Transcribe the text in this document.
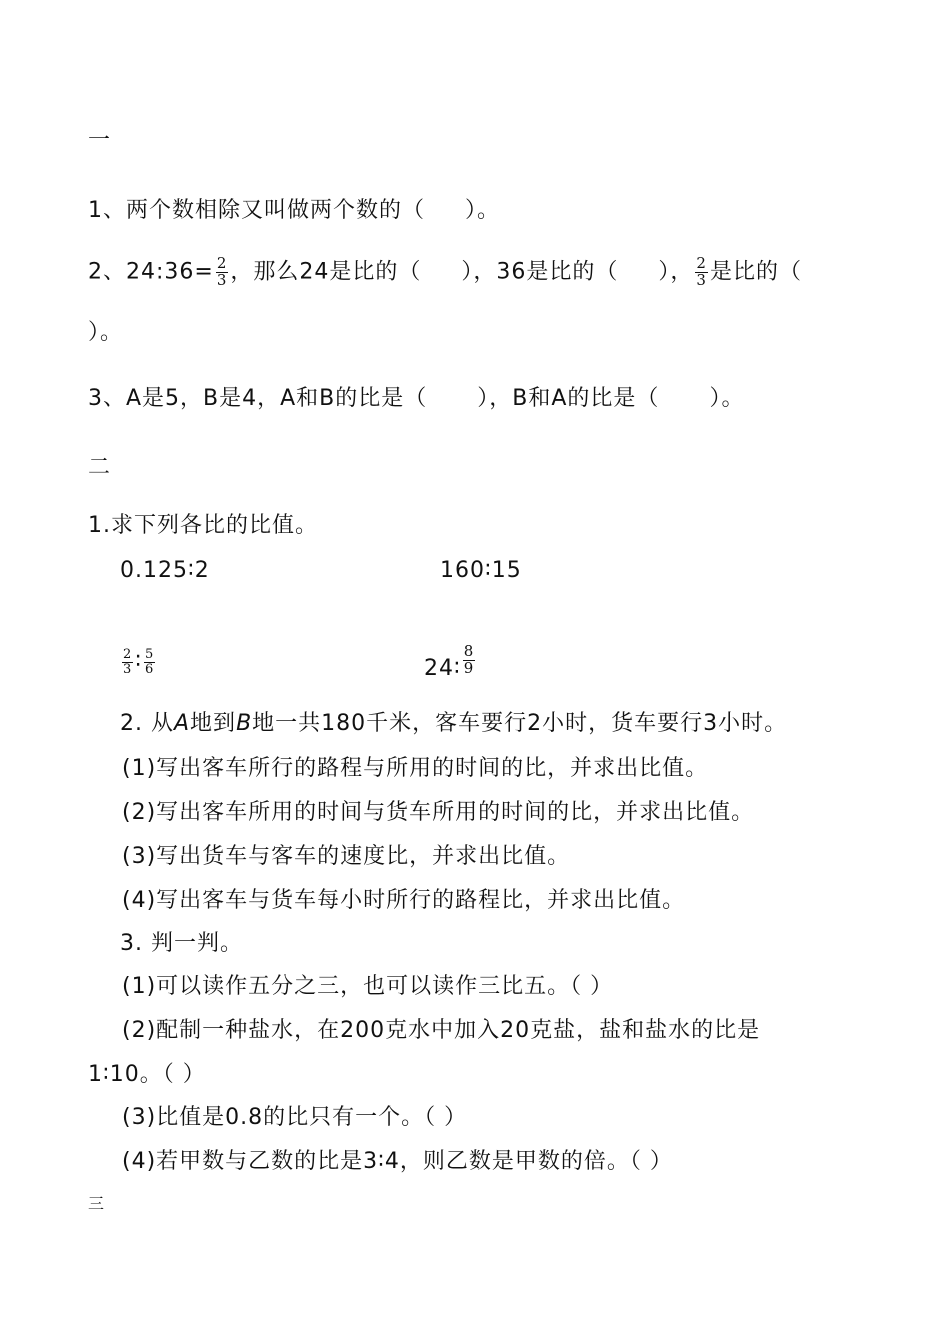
一
1、两个数相除又叫做两个数的（ ）。
2、24:36= $\frac{2}{3}$ ，那么24是比的（ ），36是比的（ ）， $\frac{2}{3}$ 是比的（
）。
3、A是5，B是4，A和B的比是（ ），B和A的比是（ ）。
二
1.求下列各比的比值。
0.125∶2	160∶15
$\frac{2}{3}$ ∶ $\frac{5}{6}$	24∶ $\frac{8}{9}$
2. 从A地到B地一共180千米，客车要行2小时，货车要行3小时。
(1)写出客车所行的路程与所用的时间的比，并求出比值。
(2)写出客车所用的时间与货车所用的时间的比，并求出比值。
(3)写出货车与客车的速度比，并求出比值。
(4)写出客车与货车每小时所行的路程比，并求出比值。
3. 判一判。
(1)可以读作五分之三，也可以读作三比五。（ ）
(2)配制一种盐水，在200克水中加入20克盐，盐和盐水的比是
1∶10。（ ）
(3)比值是0.8的比只有一个。（ ）
(4)若甲数与乙数的比是3∶4，则乙数是甲数的倍。（ ）
三
